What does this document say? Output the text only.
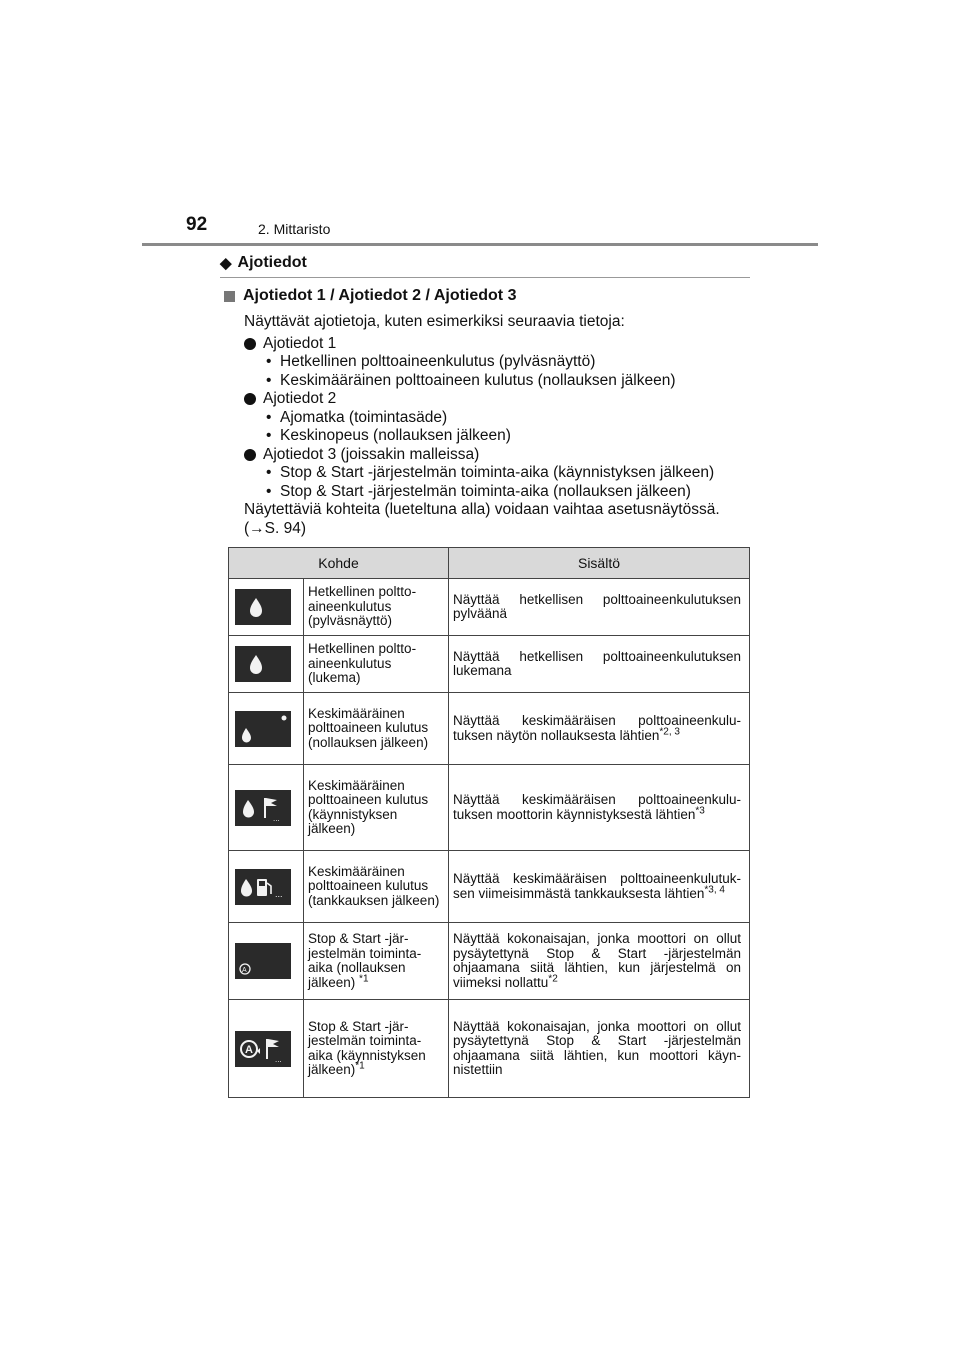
92	2. Mittaristo
◆ Ajotiedot
Ajotiedot 1 / Ajotiedot 2 / Ajotiedot 3

Näyttävät ajotietoja, kuten esimerkiksi seuraavia tietoja:

Ajotiedot 1
• Hetkellinen polttoaineenkulutus (pylväsnäyttö)
• Keskimääräinen polttoaineen kulutus (nollauksen jälkeen)
Ajotiedot 2
• Ajomatka (toimintasäde)
• Keskinopeus (nollauksen jälkeen)
Ajotiedot 3 (joissakin malleissa)
• Stop & Start -järjestelmän toiminta-aika (käynnistyksen jälkeen)
• Stop & Start -järjestelmän toiminta-aika (nollauksen jälkeen)

Näytettäviä kohteita (lueteltuna alla) voidaan vaihtaa asetusnäytössä.
(→S. 94)

Kohde		Sisältö

	Hetkellinen poltto-aineenkulutus (pylväsnäyttö)	Näyttää hetkellisen polttoaineenkulutuksen pylväänä

	Hetkellinen poltto-aineenkulutus (lukema)	Näyttää hetkellisen polttoaineenkulutuksen lukemana

	Keskimääräinen polttoaineen kulutus (nollauksen jälkeen)	Näyttää keskimääräisen polttoaineenkulu-tuksen näytön nollauksesta lähtien$^{*2, 3}$

...	Keskimääräinen polttoaineen kulutus (käynnistyksen jälkeen)	Näyttää keskimääräisen polttoaineenkulu-tuksen moottorin käynnistyksestä lähtien$^{*3}$

...	Keskimääräinen polttoaineen kulutus (tankkauksen jälkeen)	Näyttää keskimääräisen polttoaineenkulutuk-sen viimeisimmästä tankkauksesta lähtien$^{*3, 4}$

A	Stop & Start -jär-jestelmän toiminta-aika (nollauksen jälkeen) $^{*1}$	Näyttää kokonaisajan, jonka moottori on ollut pysäytettynä Stop & Start -järjestelmän ohjaamana siitä lähtien, kun järjestelmä on viimeksi nollattu$^{*2}$

A
...	Stop & Start -jär-jestelmän toiminta-aika (käynnistyksen jälkeen)$^{*1}$	Näyttää kokonaisajan, jonka moottori on ollut pysäytettynä Stop & Start -järjestelmän ohjaamana siitä lähtien, kun moottori käyn-nistettiin
